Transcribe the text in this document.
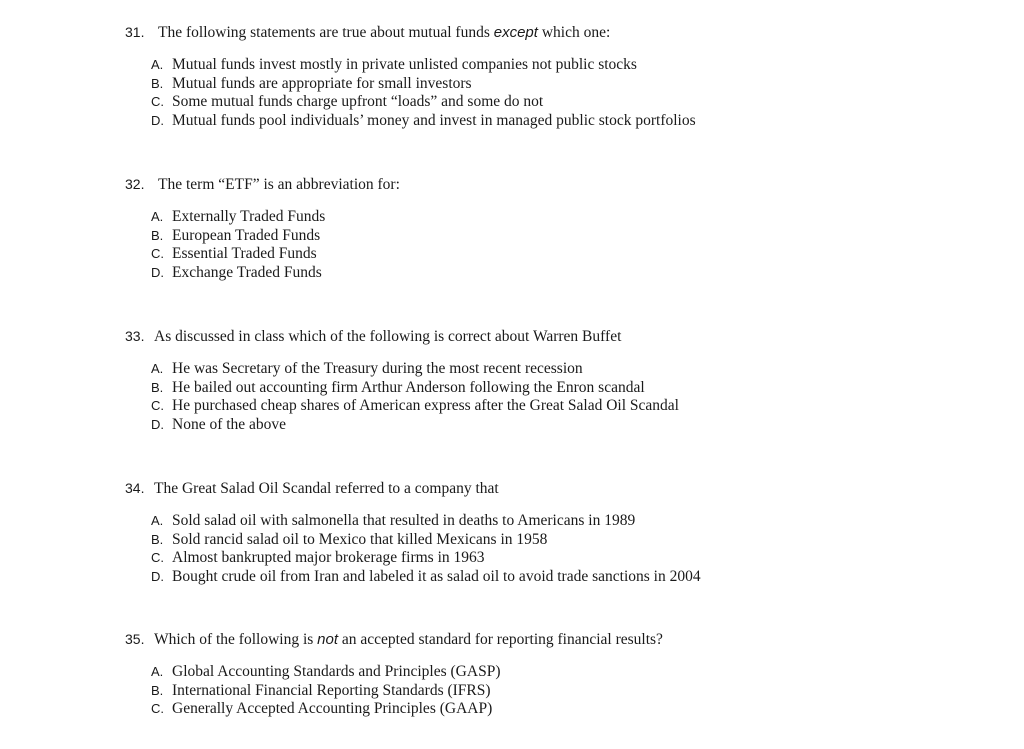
31. The following statements are true about mutual funds except which one:
A. Mutual funds invest mostly in private unlisted companies not public stocks
B. Mutual funds are appropriate for small investors
C. Some mutual funds charge upfront “loads” and some do not
D. Mutual funds pool individuals’ money and invest in managed public stock portfolios
32. The term “ETF” is an abbreviation for:
A. Externally Traded Funds
B. European Traded Funds
C. Essential Traded Funds
D. Exchange Traded Funds
33. As discussed in class which of the following is correct about Warren Buffet
A. He was Secretary of the Treasury during the most recent recession
B. He bailed out accounting firm Arthur Anderson following the Enron scandal
C. He purchased cheap shares of American express after the Great Salad Oil Scandal
D. None of the above
34. The Great Salad Oil Scandal referred to a company that
A. Sold salad oil with salmonella that resulted in deaths to Americans in 1989
B. Sold rancid salad oil to Mexico that killed Mexicans in 1958
C. Almost bankrupted major brokerage firms in 1963
D. Bought crude oil from Iran and labeled it as salad oil to avoid trade sanctions in 2004
35. Which of the following is not an accepted standard for reporting financial results?
A. Global Accounting Standards and Principles (GASP)
B. International Financial Reporting Standards (IFRS)
C. Generally Accepted Accounting Principles (GAAP)
